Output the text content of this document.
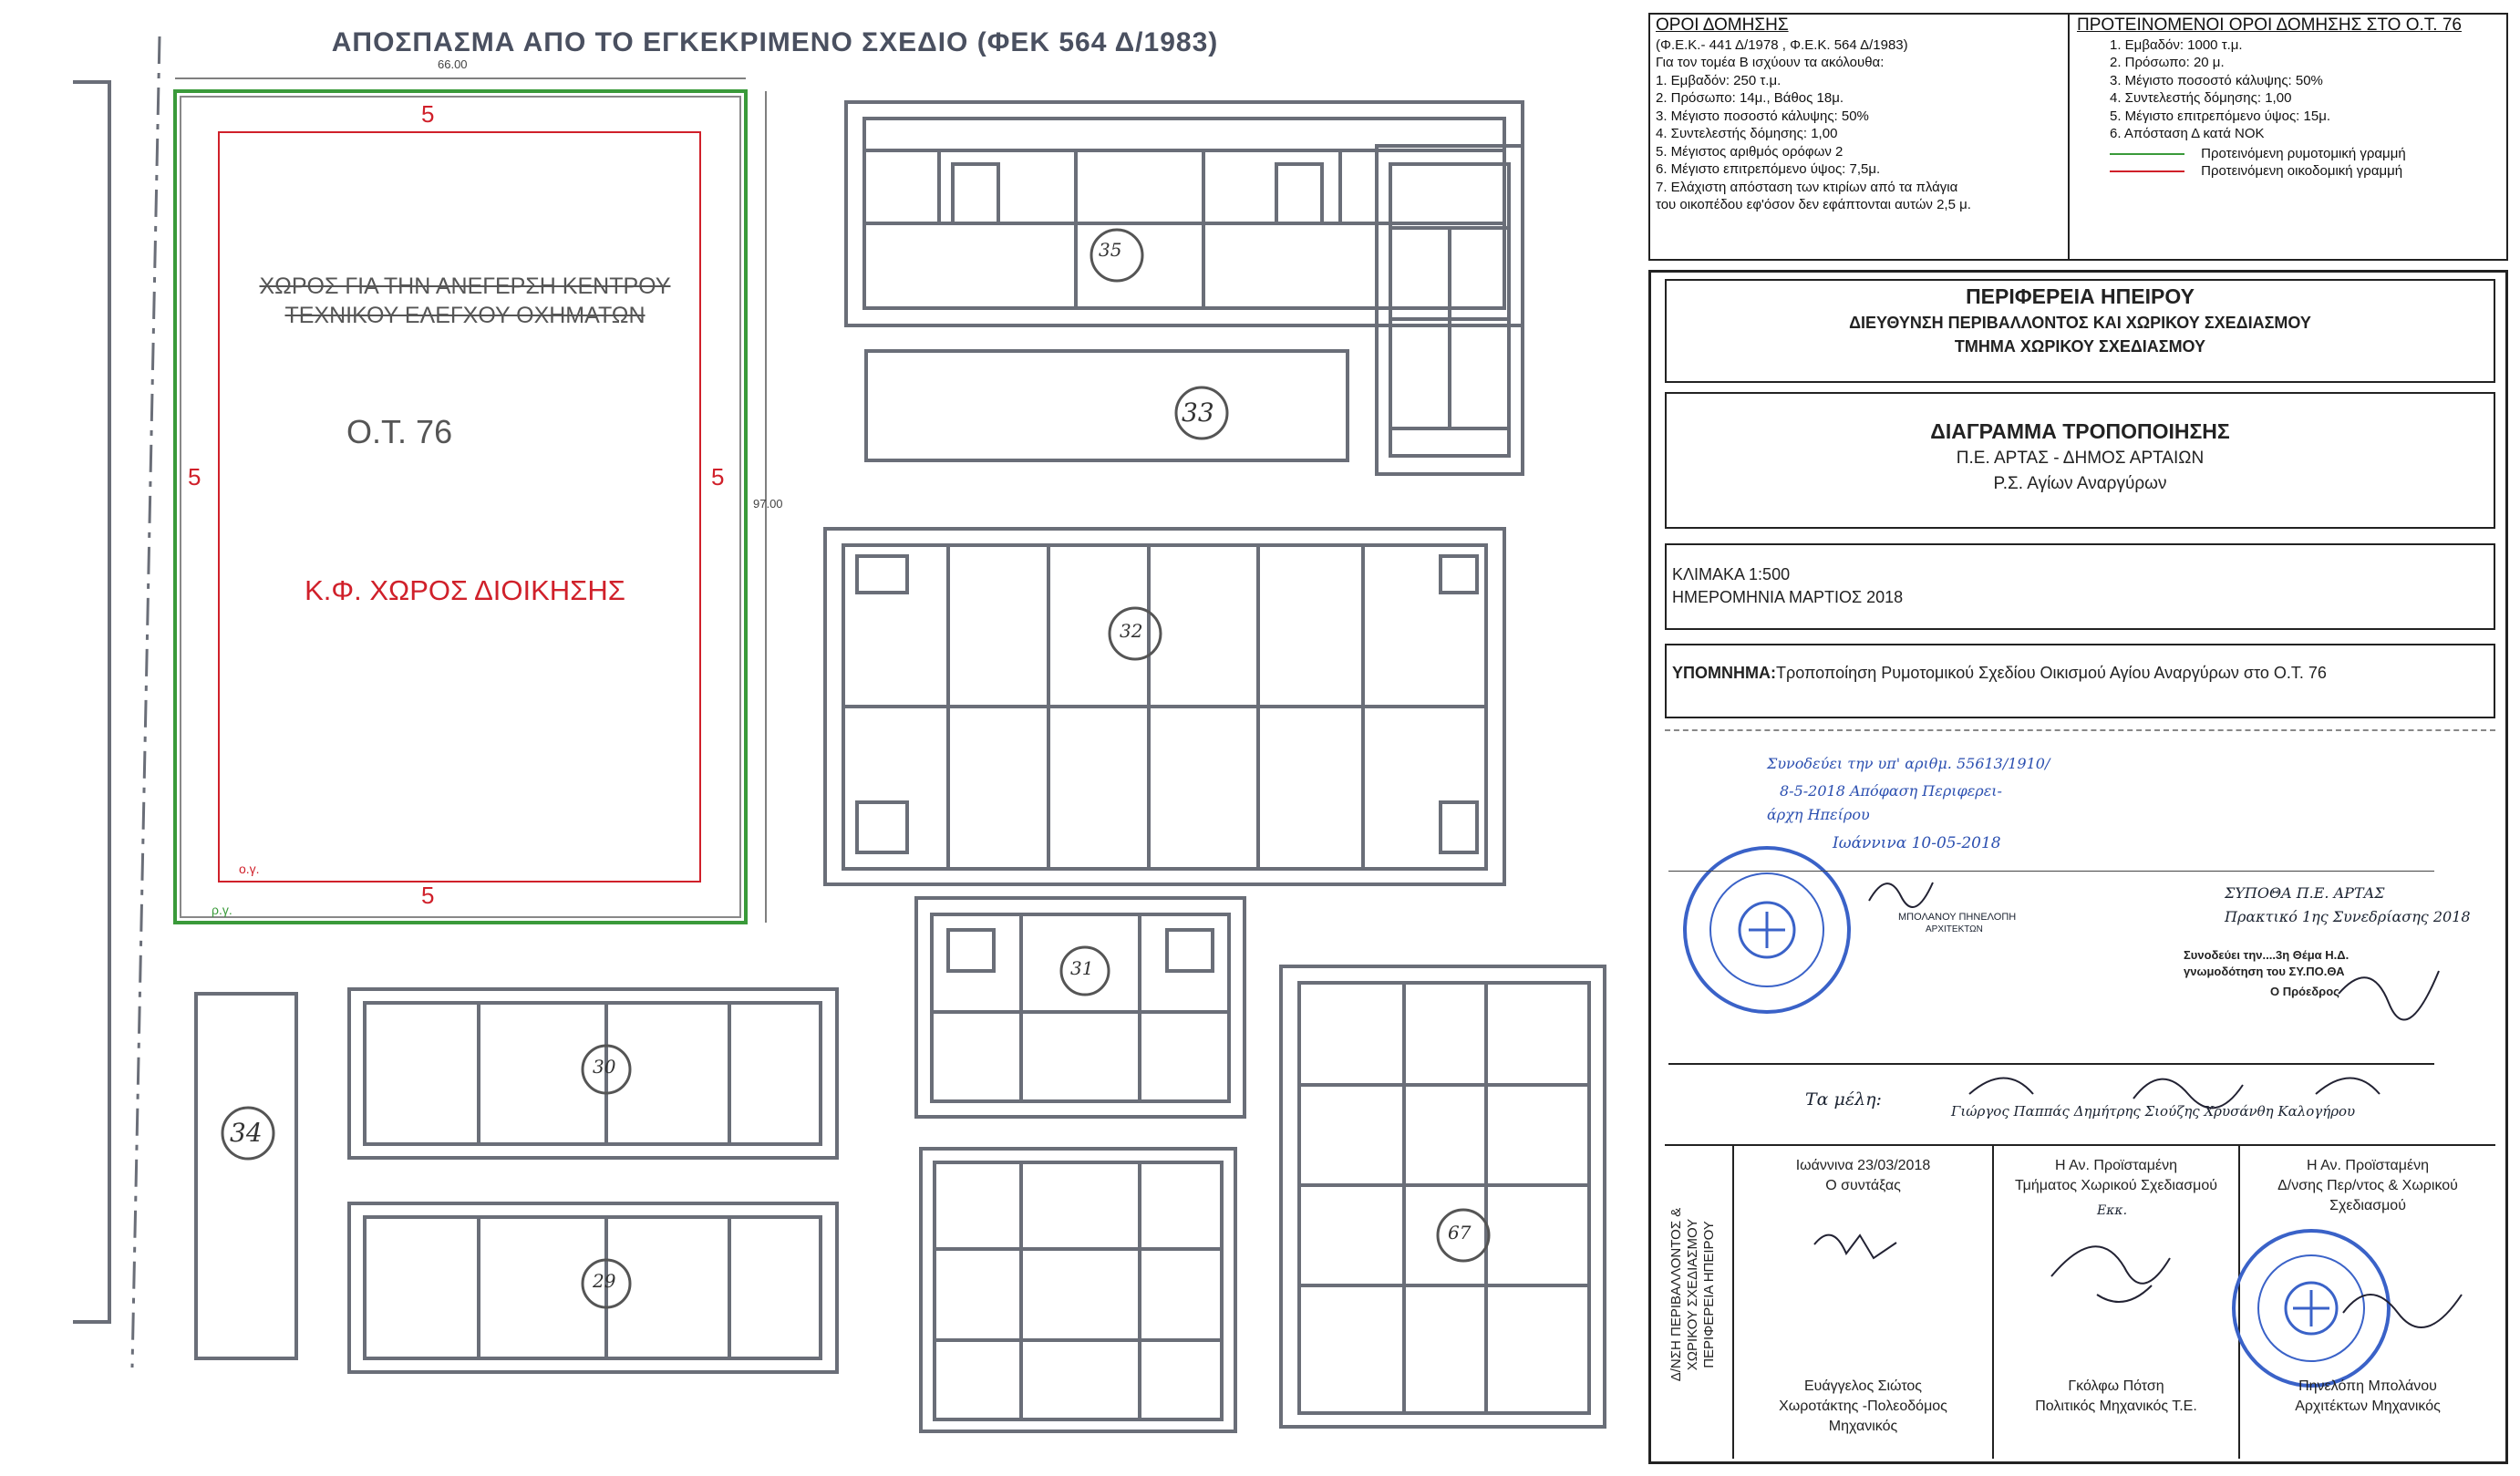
ΑΠΟΣΠΑΣΜΑ ΑΠΟ ΤΟ ΕΓΚΕΚΡΙΜΕΝΟ ΣΧΕΔΙΟ (ΦΕΚ 564 Δ/1983)
66.00
97.00
5
5
5	5
ΧΩΡΟΣ ΓΙΑ ΤΗΝ ΑΝΕΓΕΡΣΗ ΚΕΝΤΡΟΥ
ΤΕΧΝΙΚΟΥ ΕΛΕΓΧΟΥ ΟΧΗΜΑΤΩΝ
Ο.Τ. 76
Κ.Φ. ΧΩΡΟΣ ΔΙΟΙΚΗΣΗΣ
ο.γ.
ρ.γ.
35
33
32
31
30
34
29
67
ΟΡΟΙ ΔΟΜΗΣΗΣ
(Φ.Ε.Κ.- 441 Δ/1978 , Φ.Ε.Κ. 564 Δ/1983)
Για τον τομέα Β ισχύουν τα ακόλουθα:
1. Εμβαδόν: 250 τ.μ.
2. Πρόσωπο: 14μ., Βάθος 18μ.
3. Μέγιστο ποσοστό κάλυψης: 50%
4. Συντελεστής δόμησης: 1,00
5. Μέγιστος αριθμός ορόφων 2
6. Μέγιστο επιτρεπόμενο ύψος: 7,5μ.
7. Ελάχιστη απόσταση των κτιρίων από τα πλάγια
του οικοπέδου εφ'όσον δεν εφάπτονται αυτών 2,5 μ.
ΠΡΟΤΕΙΝΟΜΕΝΟΙ ΟΡΟΙ ΔΟΜΗΣΗΣ ΣΤΟ Ο.Τ. 76
1. Εμβαδόν: 1000 τ.μ.
2. Πρόσωπο: 20 μ.
3. Μέγιστο ποσοστό κάλυψης: 50%
4. Συντελεστής δόμησης: 1,00
5. Μέγιστο επιτρεπόμενο ύψος: 15μ.
6. Απόσταση Δ κατά ΝΟΚ
Προτεινόμενη ρυμοτομική γραμμή
Προτεινόμενη οικοδομική γραμμή
ΠΕΡΙΦΕΡΕΙΑ ΗΠΕΙΡΟΥ
ΔΙΕΥΘΥΝΣΗ ΠΕΡΙΒΑΛΛΟΝΤΟΣ ΚΑΙ ΧΩΡΙΚΟΥ ΣΧΕΔΙΑΣΜΟΥ
ΤΜΗΜΑ ΧΩΡΙΚΟΥ ΣΧΕΔΙΑΣΜΟΥ
ΔΙΑΓΡΑΜΜΑ ΤΡΟΠΟΠΟΙΗΣΗΣ
Π.Ε. ΑΡΤΑΣ - ΔΗΜΟΣ ΑΡΤΑΙΩΝ
Ρ.Σ. Αγίων Αναργύρων
ΚΛΙΜΑΚΑ 1:500
ΗΜΕΡΟΜΗΝΙΑ ΜΑΡΤΙΟΣ 2018
ΥΠΟΜΝΗΜΑ:Τροποποίηση Ρυμοτομικού Σχεδίου Οικισμού Αγίου Αναργύρων στο Ο.Τ. 76
Συνοδεύει την υπ' αριθμ. 55613/1910/
8-5-2018 Απόφαση Περιφερει-
άρχη Ηπείρου
Ιωάννινα 10-05-2018
ΜΠΟΛΑΝΟΥ ΠΗΝΕΛΟΠΗ
ΑΡΧΙΤΕΚΤΩΝ
ΣΥΠΟΘΑ Π.Ε. ΑΡΤΑΣ
Πρακτικό 1ης Συνεδρίασης 2018
Συνοδεύει την....3η Θέμα Η.Δ.
γνωμοδότηση του ΣΥ.ΠΟ.ΘΑ
Ο Πρόεδρος
Τα μέλη:
Γιώργος Παππάς Δημήτρης Σιούζης Χρυσάνθη Καλογήρου
Δ/ΝΣΗ ΠΕΡΙΒΑΛΛΟΝΤΟΣ & ΧΩΡΙΚΟΥ ΣΧΕΔΙΑΣΜΟΥ ΠΕΡΙΦΕΡΕΙΑ ΗΠΕΙΡΟΥ
Ιωάννινα 23/03/2018
Ο συντάξας
Ευάγγελος Σιώτος
Χωροτάκτης -Πολεοδόμος
Μηχανικός
Η Αν. Προϊσταμένη
Τμήματος Χωρικού Σχεδιασμού
Εκκ.
Γκόλφω Πότση
Πολιτικός Μηχανικός Τ.Ε.
Η Αν. Προϊσταμένη
Δ/νσης Περ/ντος & Χωρικού
Σχεδιασμού
Πηνελόπη Μπολάνου
Αρχιτέκτων Μηχανικός
